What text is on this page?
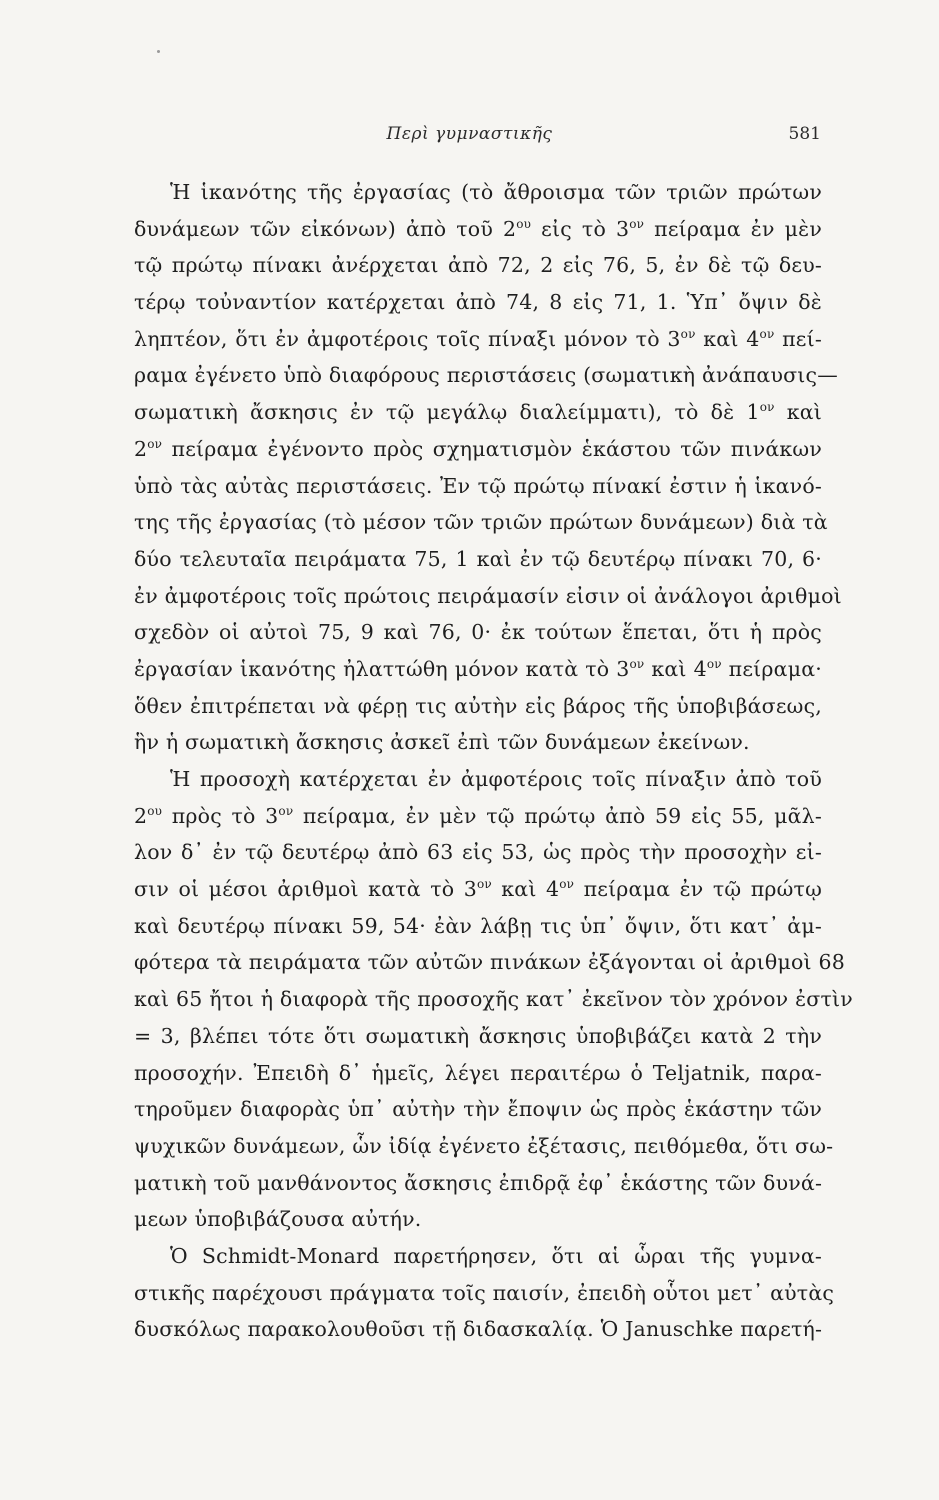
Περὶ γυμναστικῆς	581
Ἡ ἱκανότης τῆς ἐργασίας (τὸ ἄθροισμα τῶν τριῶν πρώτων
δυνάμεων τῶν εἰκόνων) ἀπὸ τοῦ $2^{o\upsilon}$ εἰς τὸ $3^{o\nu}$ πείραμα ἐν μὲν
τῷ πρώτῳ πίνακι ἀνέρχεται ἀπὸ 72, 2 εἰς 76, 5, ἐν δὲ τῷ δευ-
τέρῳ τοὐναντίον κατέρχεται ἀπὸ 74, 8 εἰς 71, 1. Ὑπ᾽ ὄψιν δὲ
ληπτέον, ὅτι ἐν ἀμφοτέροις τοῖς πίναξι μόνον τὸ $3^{o\nu}$ καὶ $4^{o\nu}$ πεί-
ραμα ἐγένετο ὑπὸ διαφόρους περιστάσεις (σωματικὴ ἀνάπαυσις—
σωματικὴ ἄσκησις ἐν τῷ μεγάλῳ διαλείμματι), τὸ δὲ $1^{o\nu}$ καὶ
$2^{o\nu}$ πείραμα ἐγένοντο πρὸς σχηματισμὸν ἑκάστου τῶν πινάκων
ὑπὸ τὰς αὐτὰς περιστάσεις. Ἐν τῷ πρώτῳ πίνακί ἐστιν ἡ ἱκανό-
της τῆς ἐργασίας (τὸ μέσον τῶν τριῶν πρώτων δυνάμεων) διὰ τὰ
δύο τελευταῖα πειράματα 75, 1 καὶ ἐν τῷ δευτέρῳ πίνακι 70, 6·
ἐν ἀμφοτέροις τοῖς πρώτοις πειράμασίν εἰσιν οἱ ἀνάλογοι ἀριθμοὶ
σχεδὸν οἱ αὐτοὶ 75, 9 καὶ 76, 0· ἐκ τούτων ἕπεται, ὅτι ἡ πρὸς
ἐργασίαν ἱκανότης ἠλαττώθη μόνον κατὰ τὸ $3^{o\nu}$ καὶ $4^{o\nu}$ πείραμα·
ὅθεν ἐπιτρέπεται νὰ φέρῃ τις αὐτὴν εἰς βάρος τῆς ὑποβιβάσεως,
ἣν ἡ σωματικὴ ἄσκησις ἀσκεῖ ἐπὶ τῶν δυνάμεων ἐκείνων.
Ἡ προσοχὴ κατέρχεται ἐν ἀμφοτέροις τοῖς πίναξιν ἀπὸ τοῦ
$2^{o\upsilon}$ πρὸς τὸ $3^{o\nu}$ πείραμα, ἐν μὲν τῷ πρώτῳ ἀπὸ 59 εἰς 55, μᾶλ-
λον δ᾽ ἐν τῷ δευτέρῳ ἀπὸ 63 εἰς 53, ὡς πρὸς τὴν προσοχὴν εἰ-
σιν οἱ μέσοι ἀριθμοὶ κατὰ τὸ $3^{o\nu}$ καὶ $4^{o\nu}$ πείραμα ἐν τῷ πρώτῳ
καὶ δευτέρῳ πίνακι 59, 54· ἐὰν λάβῃ τις ὑπ᾽ ὄψιν, ὅτι κατ᾽ ἀμ-
φότερα τὰ πειράματα τῶν αὐτῶν πινάκων ἐξάγονται οἱ ἀριθμοὶ 68
καὶ 65 ἤτοι ἡ διαφορὰ τῆς προσοχῆς κατ᾽ ἐκεῖνον τὸν χρόνον ἐστὶν
= 3, βλέπει τότε ὅτι σωματικὴ ἄσκησις ὑποβιβάζει κατὰ 2 τὴν
προσοχήν. Ἐπειδὴ δ᾽ ἡμεῖς, λέγει περαιτέρω ὁ Teljatnik, παρα-
τηροῦμεν διαφορὰς ὑπ᾽ αὐτὴν τὴν ἔποψιν ὡς πρὸς ἑκάστην τῶν
ψυχικῶν δυνάμεων, ὧν ἰδίᾳ ἐγένετο ἐξέτασις, πειθόμεθα, ὅτι σω-
ματικὴ τοῦ μανθάνοντος ἄσκησις ἐπιδρᾷ ἐφ᾽ ἑκάστης τῶν δυνά-
μεων ὑποβιβάζουσα αὐτήν.
Ὁ Schmidt-Monard παρετήρησεν, ὅτι αἱ ὧραι τῆς γυμνα-
στικῆς παρέχουσι πράγματα τοῖς παισίν, ἐπειδὴ οὗτοι μετ᾽ αὐτὰς
δυσκόλως παρακολουθοῦσι τῇ διδασκαλίᾳ. Ὁ Januschke παρετή-
